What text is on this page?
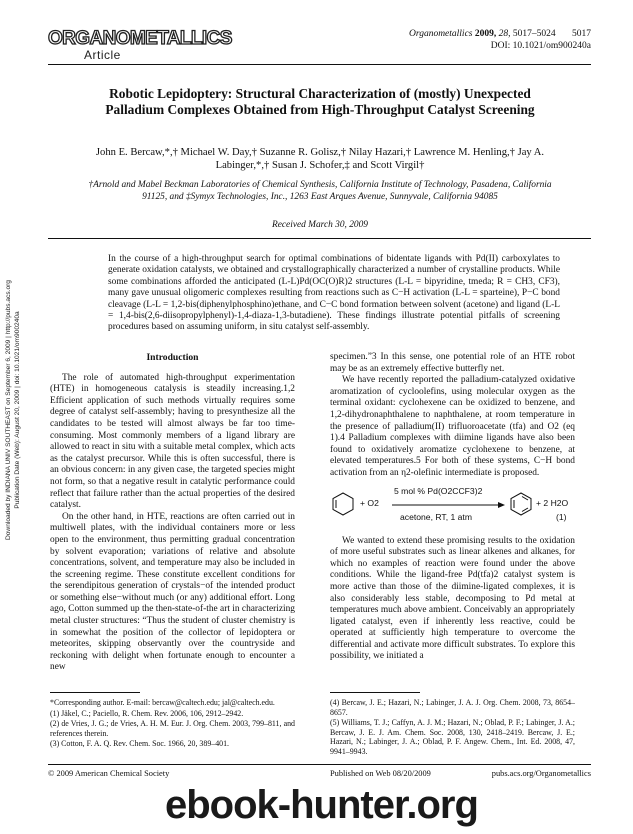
Downloaded by INDIANA UNIV SOUTHEAST on September 6, 2009 | http://pubs.acs.org Publication Date (Web): August 20, 2009 | doi: 10.1021/om900240a
ORGANOMETALLICS
Article
Organometallics 2009, 28, 5017–5024 5017
DOI: 10.1021/om900240a
Robotic Lepidoptery: Structural Characterization of (mostly) Unexpected Palladium Complexes Obtained from High-Throughput Catalyst Screening
John E. Bercaw,*,† Michael W. Day,† Suzanne R. Golisz,† Nilay Hazari,† Lawrence M. Henling,† Jay A. Labinger,*,† Susan J. Schofer,‡ and Scott Virgil†
†Arnold and Mabel Beckman Laboratories of Chemical Synthesis, California Institute of Technology, Pasadena, California 91125, and ‡Symyx Technologies, Inc., 1263 East Arques Avenue, Sunnyvale, California 94085
Received March 30, 2009
In the course of a high-throughput search for optimal combinations of bidentate ligands with Pd(II) carboxylates to generate oxidation catalysts, we obtained and crystallographically characterized a number of crystalline products. While some combinations afforded the anticipated (L-L)Pd(OC(O)R)2 structures (L-L = bipyridine, tmeda; R = CH3, CF3), many gave unusual oligomeric complexes resulting from reactions such as C−H activation (L-L = sparteine), P−C bond cleavage (L-L = 1,2-bis(diphenylphosphino)ethane, and C−C bond formation between solvent (acetone) and ligand (L-L = 1,4-bis(2,6-diisopropylphenyl)-1,4-diaza-1,3-butadiene). These findings illustrate potential pitfalls of screening procedures based on assuming uniform, in situ catalyst self-assembly.
Introduction

The role of automated high-throughput experimentation (HTE) in homogeneous catalysis is steadily increasing.1,2 Efficient application of such methods virtually requires some degree of catalyst self-assembly; having to presynthesize all the candidates to be tested will almost always be far too time-consuming. Most commonly members of a ligand library are allowed to react in situ with a suitable metal complex, which acts as the catalyst precursor. While this is often successful, there is an obvious concern: in any given case, the targeted species might not form, so that a negative result in catalytic performance could reflect that failure rather than the actual properties of the desired catalyst.

On the other hand, in HTE, reactions are often carried out in multiwell plates, with the individual containers more or less open to the environment, thus permitting gradual concentration by solvent evaporation; variations of relative and absolute concentrations, solvent, and temperature may also be included in the screening regime. These constitute excellent conditions for the serendipitous generation of crystals−of the intended product or something else−without much (or any) additional effort. Long ago, Cotton summed up the then-state-of-the art in characterizing metal cluster structures: “Thus the student of cluster chemistry is in somewhat the position of the collector of lepidoptera or meteorites, skipping observantly over the countryside and reckoning with delight when fortunate enough to encounter a new

specimen.”3 In this sense, one potential role of an HTE robot may be as an extremely effective butterfly net.

We have recently reported the palladium-catalyzed oxidative aromatization of cycloolefins, using molecular oxygen as the terminal oxidant: cyclohexene can be oxidized to benzene, and 1,2-dihydronaphthalene to naphthalene, at room temperature in the presence of palladium(II) trifluoroacetate (tfa) and O2 (eq 1).4 Palladium complexes with diimine ligands have also been found to oxidatively aromatize cyclohexene to benzene, at elevated temperatures.5 For both of these systems, C−H bond activation from an η2-olefinic intermediate is proposed.

+ O2
5 mol % Pd(O2CCF3)2
acetone, RT, 1 atm
+ 2 H2O
(1)

We wanted to extend these promising results to the oxidation of more useful substrates such as linear alkenes and alkanes, for which no examples of reaction were found under the above conditions. While the ligand-free Pd(tfa)2 catalyst system is more active than those of the diimine-ligated complexes, it is also considerably less stable, decomposing to Pd metal at temperatures much above ambient. Conceivably an appropriately ligated catalyst, even if inherently less reactive, could be operated at sufficiently high temperature to overcome the differential and activate more difficult substrates. To explore this possibility, we initiated a

*Corresponding author. E-mail: bercaw@caltech.edu; jal@caltech.edu.

(1) Jäkel, C.; Paciello, R. Chem. Rev. 2006, 106, 2912–2942.

(2) de Vries, J. G.; de Vries, A. H. M. Eur. J. Org. Chem. 2003, 799–811, and references therein.

(3) Cotton, F. A. Q. Rev. Chem. Soc. 1966, 20, 389–401.

(4) Bercaw, J. E.; Hazari, N.; Labinger, J. A. J. Org. Chem. 2008, 73, 8654–8657.

(5) Williams, T. J.; Caffyn, A. J. M.; Hazari, N.; Oblad, P. F.; Labinger, J. A.; Bercaw, J. E. J. Am. Chem. Soc. 2008, 130, 2418–2419. Bercaw, J. E.; Hazari, N.; Labinger, J. A.; Oblad, P. F. Angew. Chem., Int. Ed. 2008, 47, 9941–9943.

© 2009 American Chemical Society	Published on Web 08/20/2009	pubs.acs.org/Organometallics
ebook-hunter.org
